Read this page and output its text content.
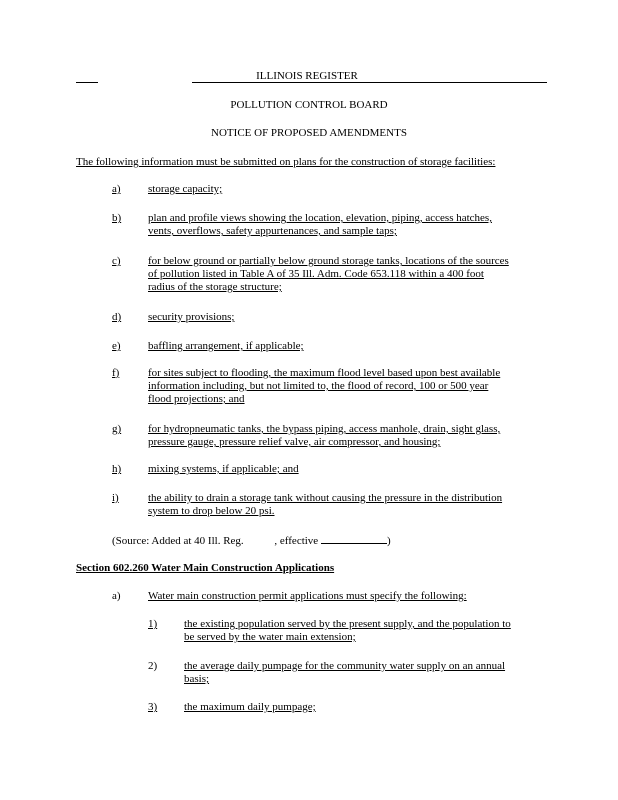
ILLINOIS REGISTER
POLLUTION CONTROL BOARD
NOTICE OF PROPOSED AMENDMENTS
The following information must be submitted on plans for the construction of storage facilities:
a) storage capacity;
b) plan and profile views showing the location, elevation, piping, access hatches,
vents, overflows, safety appurtenances, and sample taps;
c) for below ground or partially below ground storage tanks, locations of the sources
of pollution listed in Table A of 35 Ill. Adm. Code 653.118 within a 400 foot
radius of the storage structure;
d) security provisions;
e) baffling arrangement, if applicable;
f)	for sites subject to flooding, the maximum flood level based upon best available
information including, but not limited to, the flood of record, 100 or 500 year
flood projections; and
g) for hydropneumatic tanks, the bypass piping, access manhole, drain, sight glass,
pressure gauge, pressure relief valve, air compressor, and housing;
h) mixing systems, if applicable; and
i)	the ability to drain a storage tank without causing the pressure in the distribution
system to drop below 20 psi.
(Source: Added at 40 Ill. Reg.	, effective	)
Section 602.260 Water Main Construction Applications
a) Water main construction permit applications must specify the following:
1) the existing population served by the present supply, and the population to
be served by the water main extension;
2) the average daily pumpage for the community water supply on an annual
basis;
3) the maximum daily pumpage;
